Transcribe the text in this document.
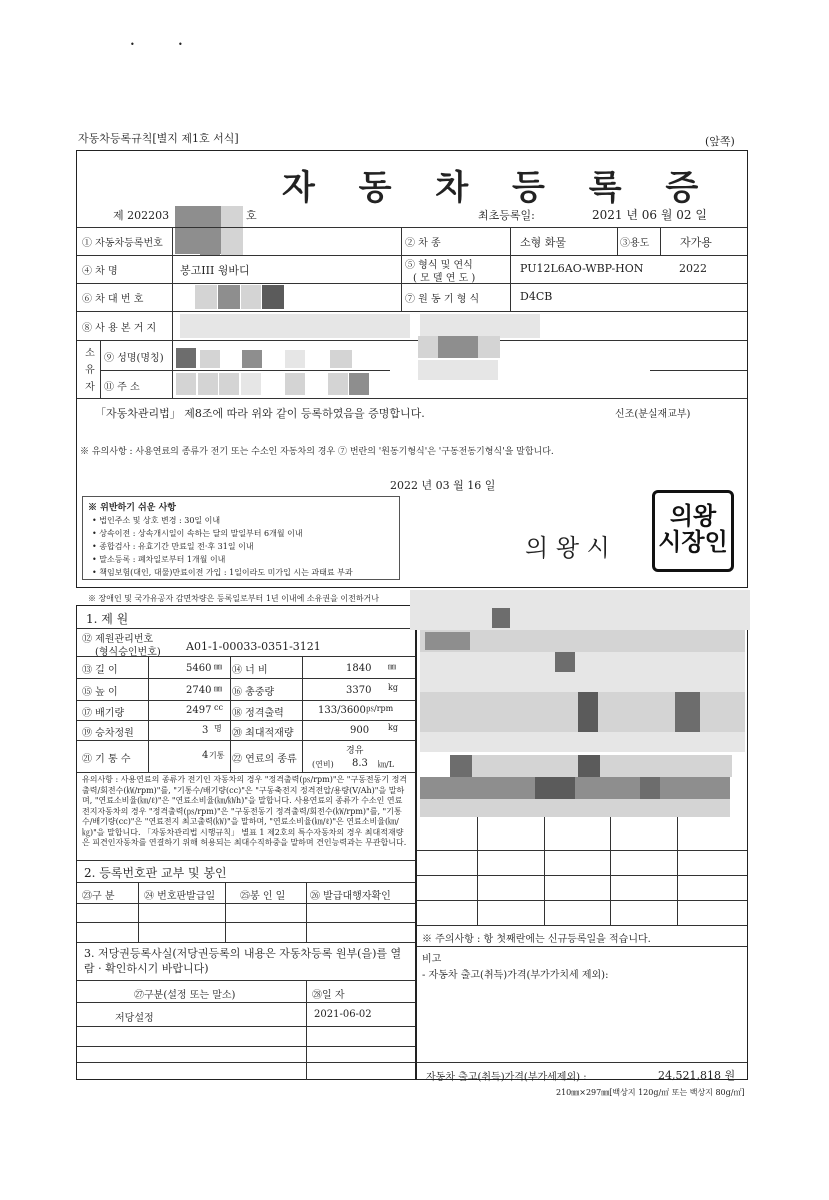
•	•
자동차등록규칙[별지 제1호 서식]	(앞쪽)
자 동 차 등 록 증
제 202203	호	최초등록일:	2021 년 06 월 02 일
① 자동차등록번호	② 차 종	소형 화물	③용도	자가용
④ 차 명	봉고III 윙바디	⑤ 형식 및 연식
( 모 델 연 도 )
PU12L6AO-WBP-HON	2022
⑥ 차 대 번 호	⑦ 원 동 기 형 식	D4CB
⑧ 사 용 본 거 지
소 유 자
⑨ 성명(명칭)
⑪ 주 소
「자동차관리법」 제8조에 따라 위와 같이 등록하였음을 증명합니다.	신조(분실재교부)
※ 유의사항 : 사용연료의 종류가 전기 또는 수소인 자동차의 경우 ⑦ 번란의 '원동기형식'은 '구동전동기형식'을 말합니다.
2022 년 03 월 16 일
※ 위반하기 쉬운 사항
• 법인주소 및 상호 변경 : 30일 이내
• 상속이전 : 상속개시일이 속하는 달의 말일부터 6개월 이내
• 종합검사 : 유효기간 만료일 전·후 31일 이내
• 말소등록 : 폐차일로부터 1개월 이내
• 책임보험(대인, 대물)만료이전 가입 : 1일이라도 미가입 시는 과태료 부과
의 왕 시
의왕
시장인
※ 장애인 및 국가유공자 감면차량은 등록일로부터 1년 이내에 소유권을 이전하거나
1. 제 원
⑫ 제원관리번호
(형식승인번호) A01-1-00033-0351-3121
⑬ 길 이	5460 ㎜ ⑭ 너 비	1840 ㎜
⑮ 높 이	2740 ㎜ ⑯ 총중량	3370 kg
⑰ 배기량	2497 cc
⑱ 정격출력	133/3600 ㎰/rpm
⑲ 승차정원	3 명 ⑳ 최대적재량	900 kg
㉑ 기 통 수	4 기통 ㉒ 연료의 종류
경유
(연비) 8.3 ㎞/L
유의사항 : 사용연료의 종류가 전기인 자동차의 경우 "정격출력(㎰/rpm)"은 "구동전동기 정격출력/회전수(㎾/rpm)"를, "기통수/배기량(cc)"은 "구동축전지 정격전압/용량(V/Ah)"을 말하며, "연료소비율(㎞/ℓ)"은 "연료소비율(㎞/㎾h)"을 말합니다. 사용연료의 종류가 수소인 연료전지자동차의 경우 "정격출력(㎰/rpm)"은 "구동전동기 정격출력/회전수(㎾/rpm)"를, "기통수/배기량(cc)"은 "연료전지 최고출력(㎾)"을 말하며, "연료소비율(㎞/ℓ)"은 연료소비율(㎞/㎏)"을 말합니다. 「자동차관리법 시행규칙」 별표 1 제2호의 특수자동차의 경우 최대적재량은 피견인자동차를 연결하기 위해 허용되는 최대수직하중을 말하며 견인능력과는 무관합니다.
2. 등록번호판 교부 및 봉인
㉓구 분	㉔ 번호판발급일 ㉕봉 인 일 ㉖ 발급대행자확인
3. 저당권등록사실(저당권등록의 내용은 자동차등록 원부(을)를 열람 · 확인하시기 바랍니다)
㉗구분(설정 또는 말소)	㉘일 자
저당설정	2021-06-02
※ 주의사항 : 항 첫째란에는 신규등록일을 적습니다.
비고
- 자동차 출고(취득)가격(부가가치세 제외):
자동차 출고(취득)가격(부가세제외) :	24,521,818 원
210㎜×297㎜[백상지 120g/㎡ 또는 백상지 80g/㎡]
